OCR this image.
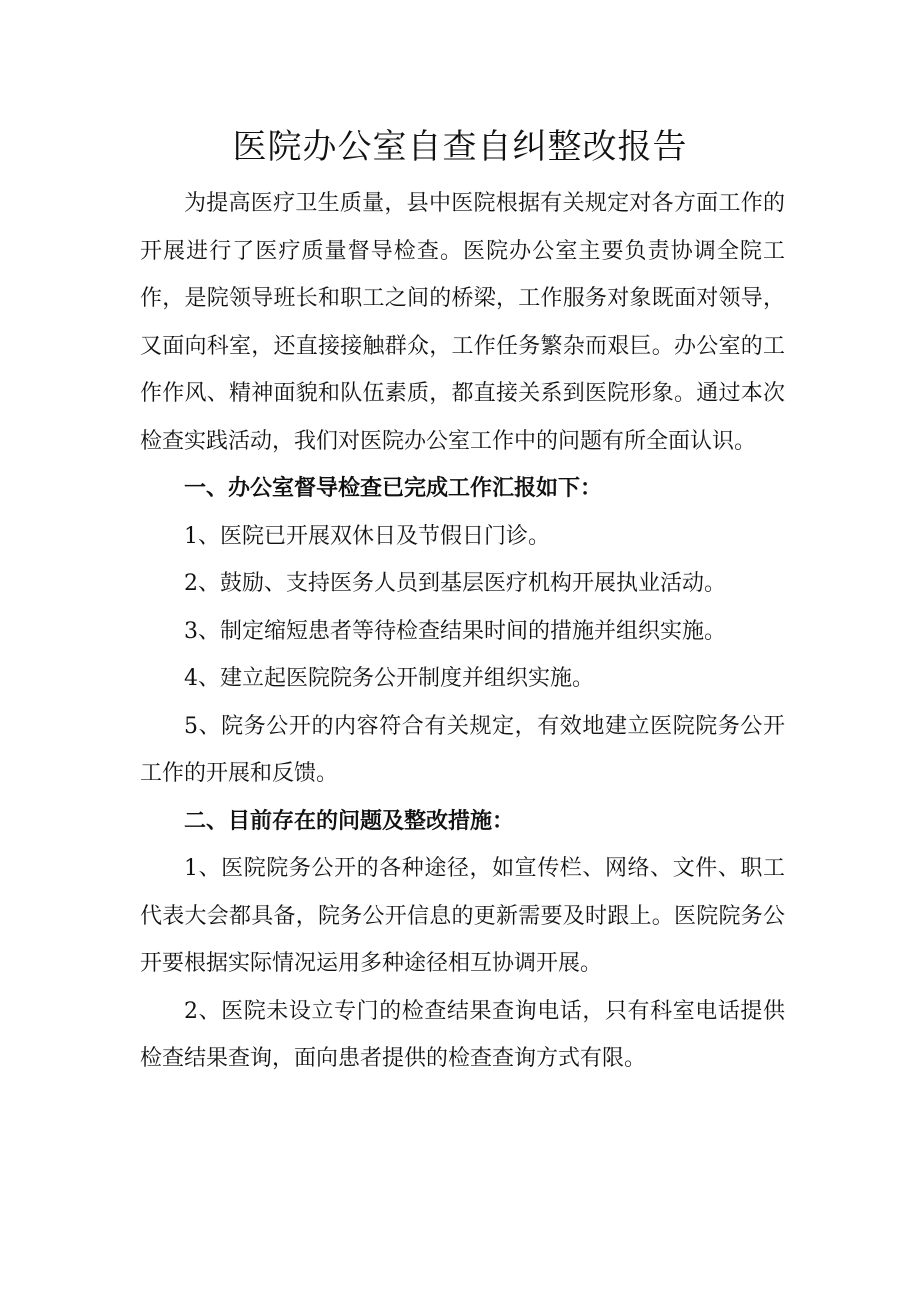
医院办公室自查自纠整改报告

为提高医疗卫生质量，县中医院根据有关规定对各方面工作的开展进行了医疗质量督导检查。医院办公室主要负责协调全院工作，是院领导班长和职工之间的桥梁，工作服务对象既面对领导，又面向科室，还直接接触群众，工作任务繁杂而艰巨。办公室的工作作风、精神面貌和队伍素质，都直接关系到医院形象。通过本次检查实践活动，我们对医院办公室工作中的问题有所全面认识。

一、办公室督导检查已完成工作汇报如下：

1、医院已开展双休日及节假日门诊。

2、鼓励、支持医务人员到基层医疗机构开展执业活动。

3、制定缩短患者等待检查结果时间的措施并组织实施。

4、建立起医院院务公开制度并组织实施。

5、院务公开的内容符合有关规定，有效地建立医院院务公开工作的开展和反馈。

二、目前存在的问题及整改措施：

1、医院院务公开的各种途径，如宣传栏、网络、文件、职工代表大会都具备，院务公开信息的更新需要及时跟上。医院院务公开要根据实际情况运用多种途径相互协调开展。

2、医院未设立专门的检查结果查询电话，只有科室电话提供检查结果查询，面向患者提供的检查查询方式有限。
